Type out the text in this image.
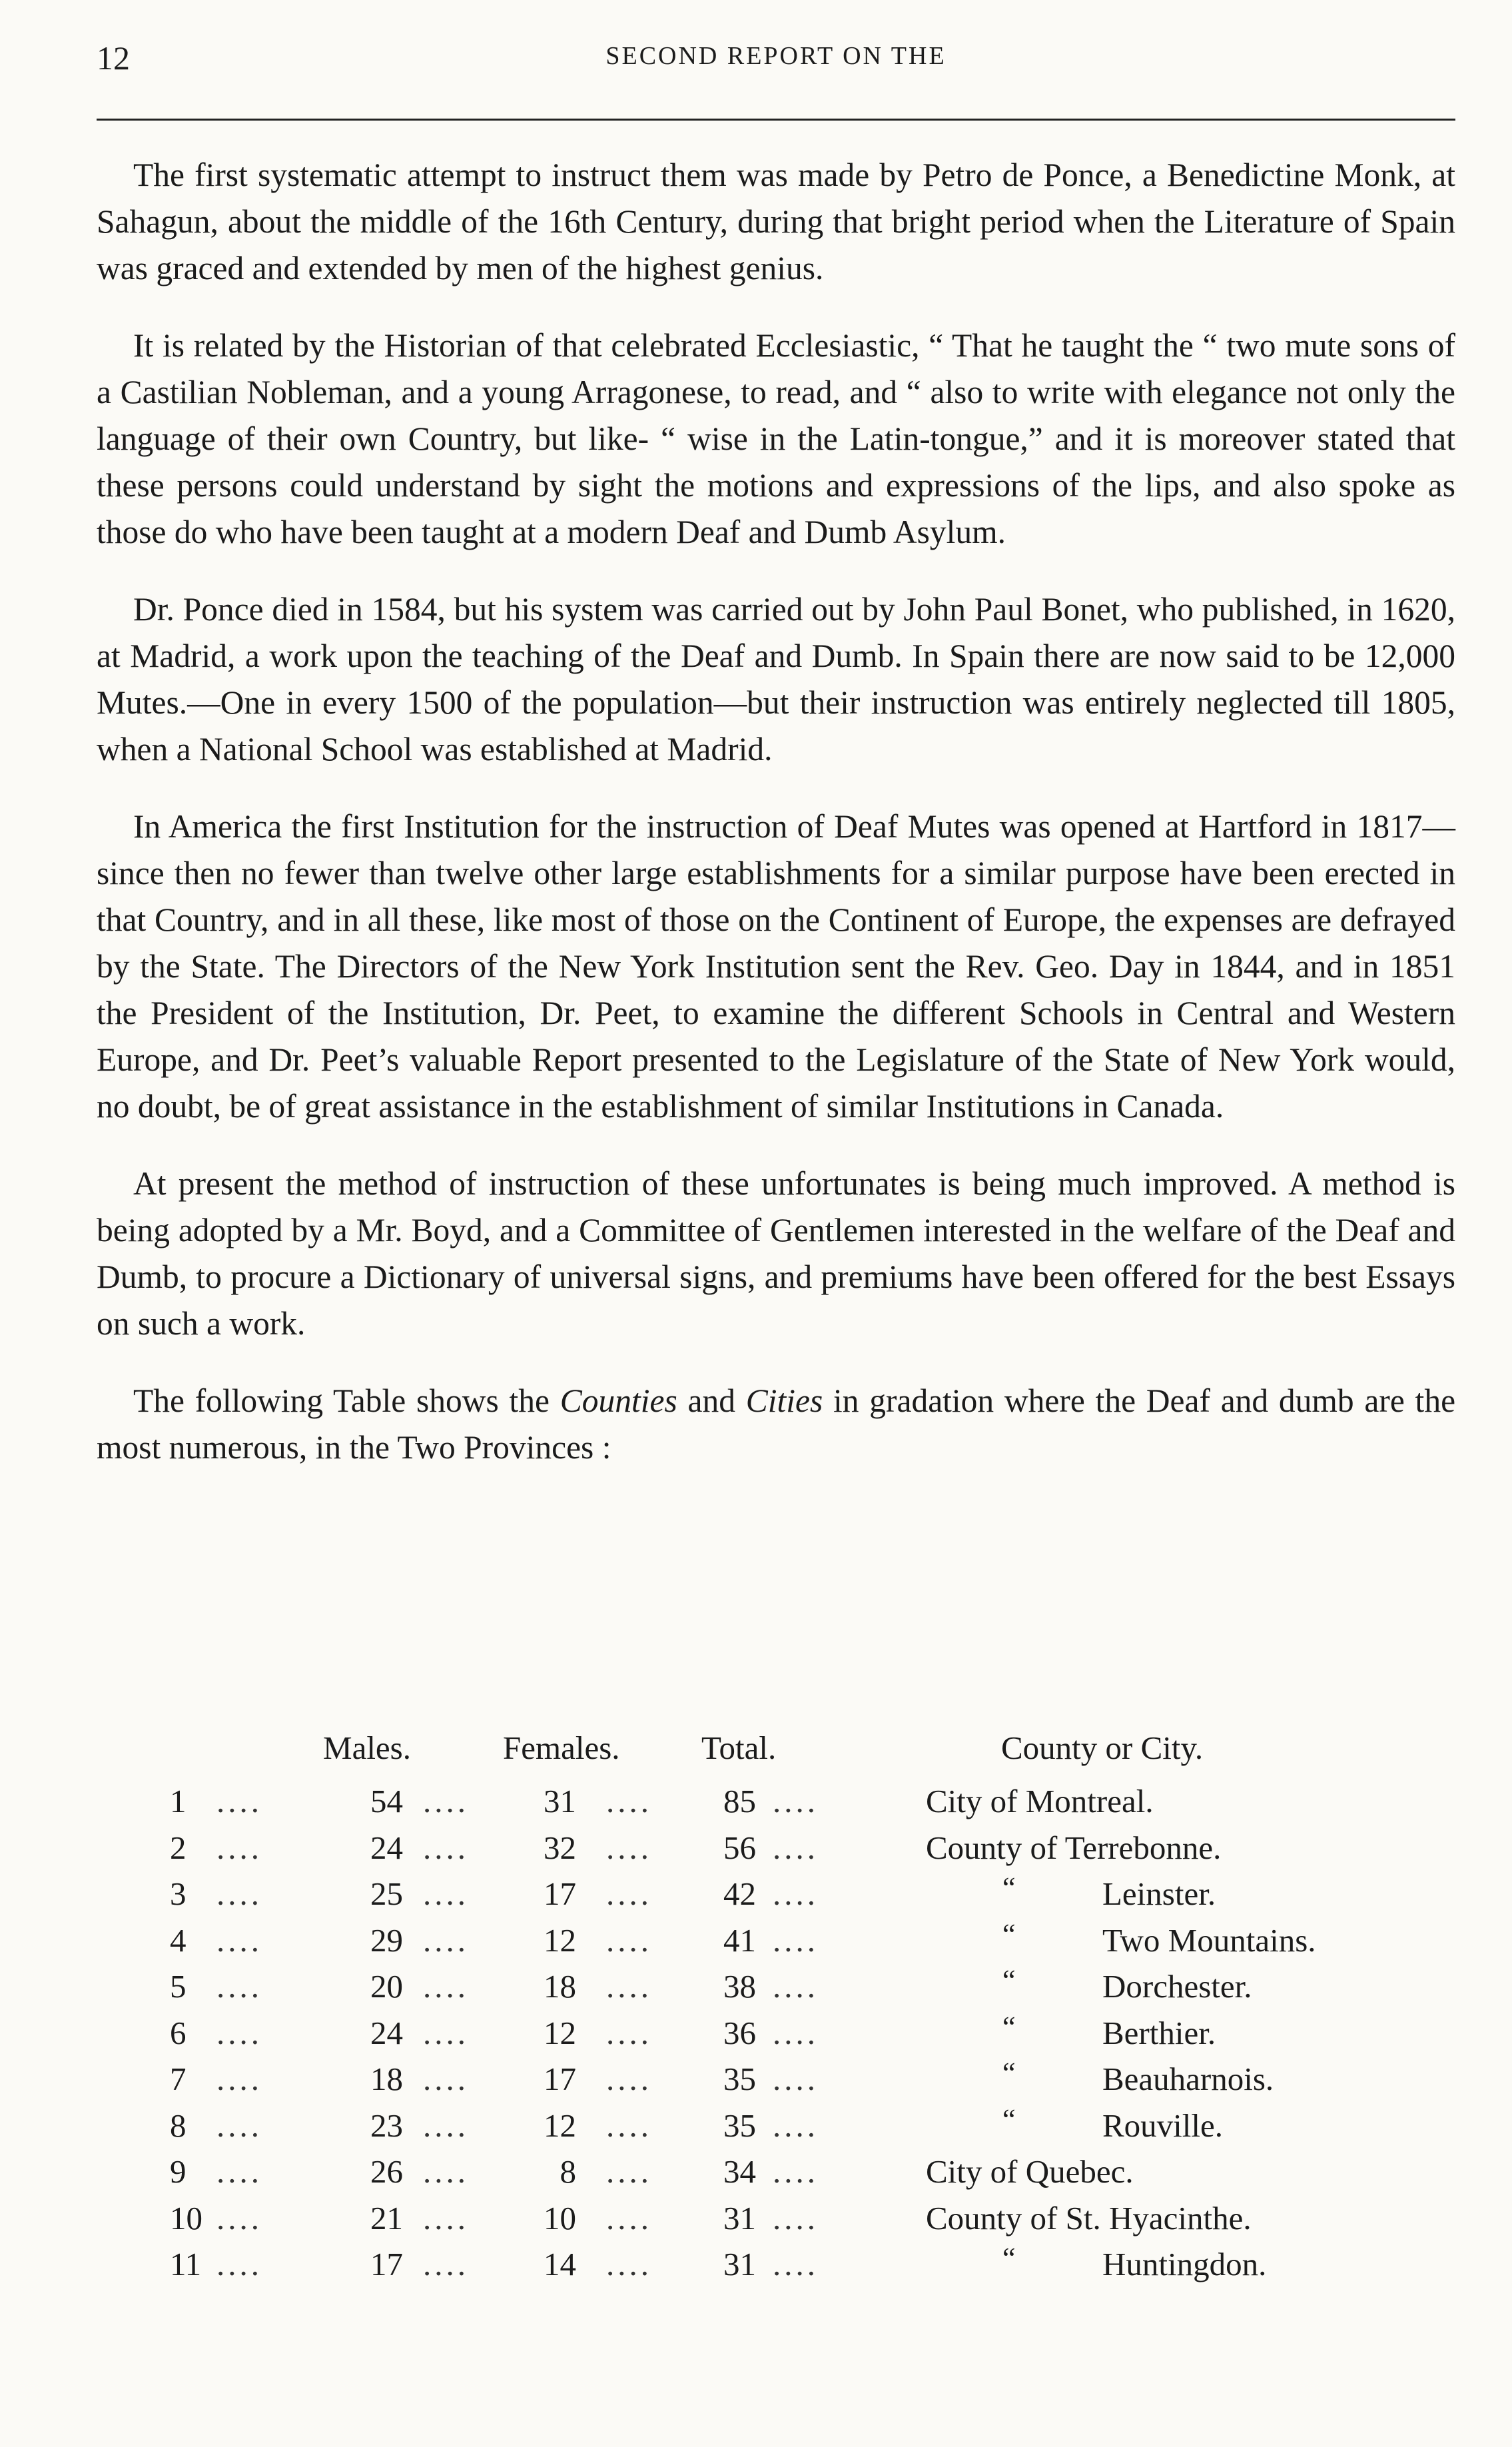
12	SECOND REPORT ON THE

The first systematic attempt to instruct them was made by Petro de Ponce, a Benedictine Monk, at Sahagun, about the middle of the 16th Century, during that bright period when the Literature of Spain was graced and extended by men of the highest genius.

It is related by the Historian of that celebrated Ecclesiastic, “ That he taught the “ two mute sons of a Castilian Nobleman, and a young Arragonese, to read, and “ also to write with elegance not only the language of their own Country, but like- “ wise in the Latin-tongue,” and it is moreover stated that these persons could understand by sight the motions and expressions of the lips, and also spoke as those do who have been taught at a modern Deaf and Dumb Asylum.

Dr. Ponce died in 1584, but his system was carried out by John Paul Bonet, who published, in 1620, at Madrid, a work upon the teaching of the Deaf and Dumb. In Spain there are now said to be 12,000 Mutes.—One in every 1500 of the population—but their instruction was entirely neglected till 1805, when a National School was established at Madrid.

In America the first Institution for the instruction of Deaf Mutes was opened at Hartford in 1817—since then no fewer than twelve other large establishments for a similar purpose have been erected in that Country, and in all these, like most of those on the Continent of Europe, the expenses are defrayed by the State. The Directors of the New York Institution sent the Rev. Geo. Day in 1844, and in 1851 the President of the Institution, Dr. Peet, to examine the different Schools in Central and Western Europe, and Dr. Peet’s valuable Report presented to the Legislature of the State of New York would, no doubt, be of great assistance in the establishment of similar Institutions in Canada.

At present the method of instruction of these unfortunates is being much improved. A method is being adopted by a Mr. Boyd, and a Committee of Gentlemen interested in the welfare of the Deaf and Dumb, to procure a Dictionary of universal signs, and premiums have been offered for the best Essays on such a work.

The following Table shows the Counties and Cities in gradation where the Deaf and dumb are the most numerous, in the Two Provinces :

Males.	Females. Total.	County or City.
1 ....	54 ....	31 ....	85 ....	City of Montreal.
2 ....	24 ....	32 ....	56 ....	County of Terrebonne.
3 ....	25 ....	17 ....	42 ....	“	Leinster.
4 ....	29 ....	12 ....	41 ....	“	Two Mountains.
5 ....	20 ....	18 ....	38 ....	“	Dorchester.
6 ....	24 ....	12 ....	36 ....	“	Berthier.
7 ....	18 ....	17 ....	35 ....	“	Beauharnois.
8 ....	23 ....	12 ....	35 ....	“	Rouville.
9 ....	26 ....	8 ....	34 ....	City of Quebec.
10 ....	21 ....	10 ....	31 ....	County of St. Hyacinthe.
11 ....	17 ....	14 ....	31 ....	“	Huntingdon.
